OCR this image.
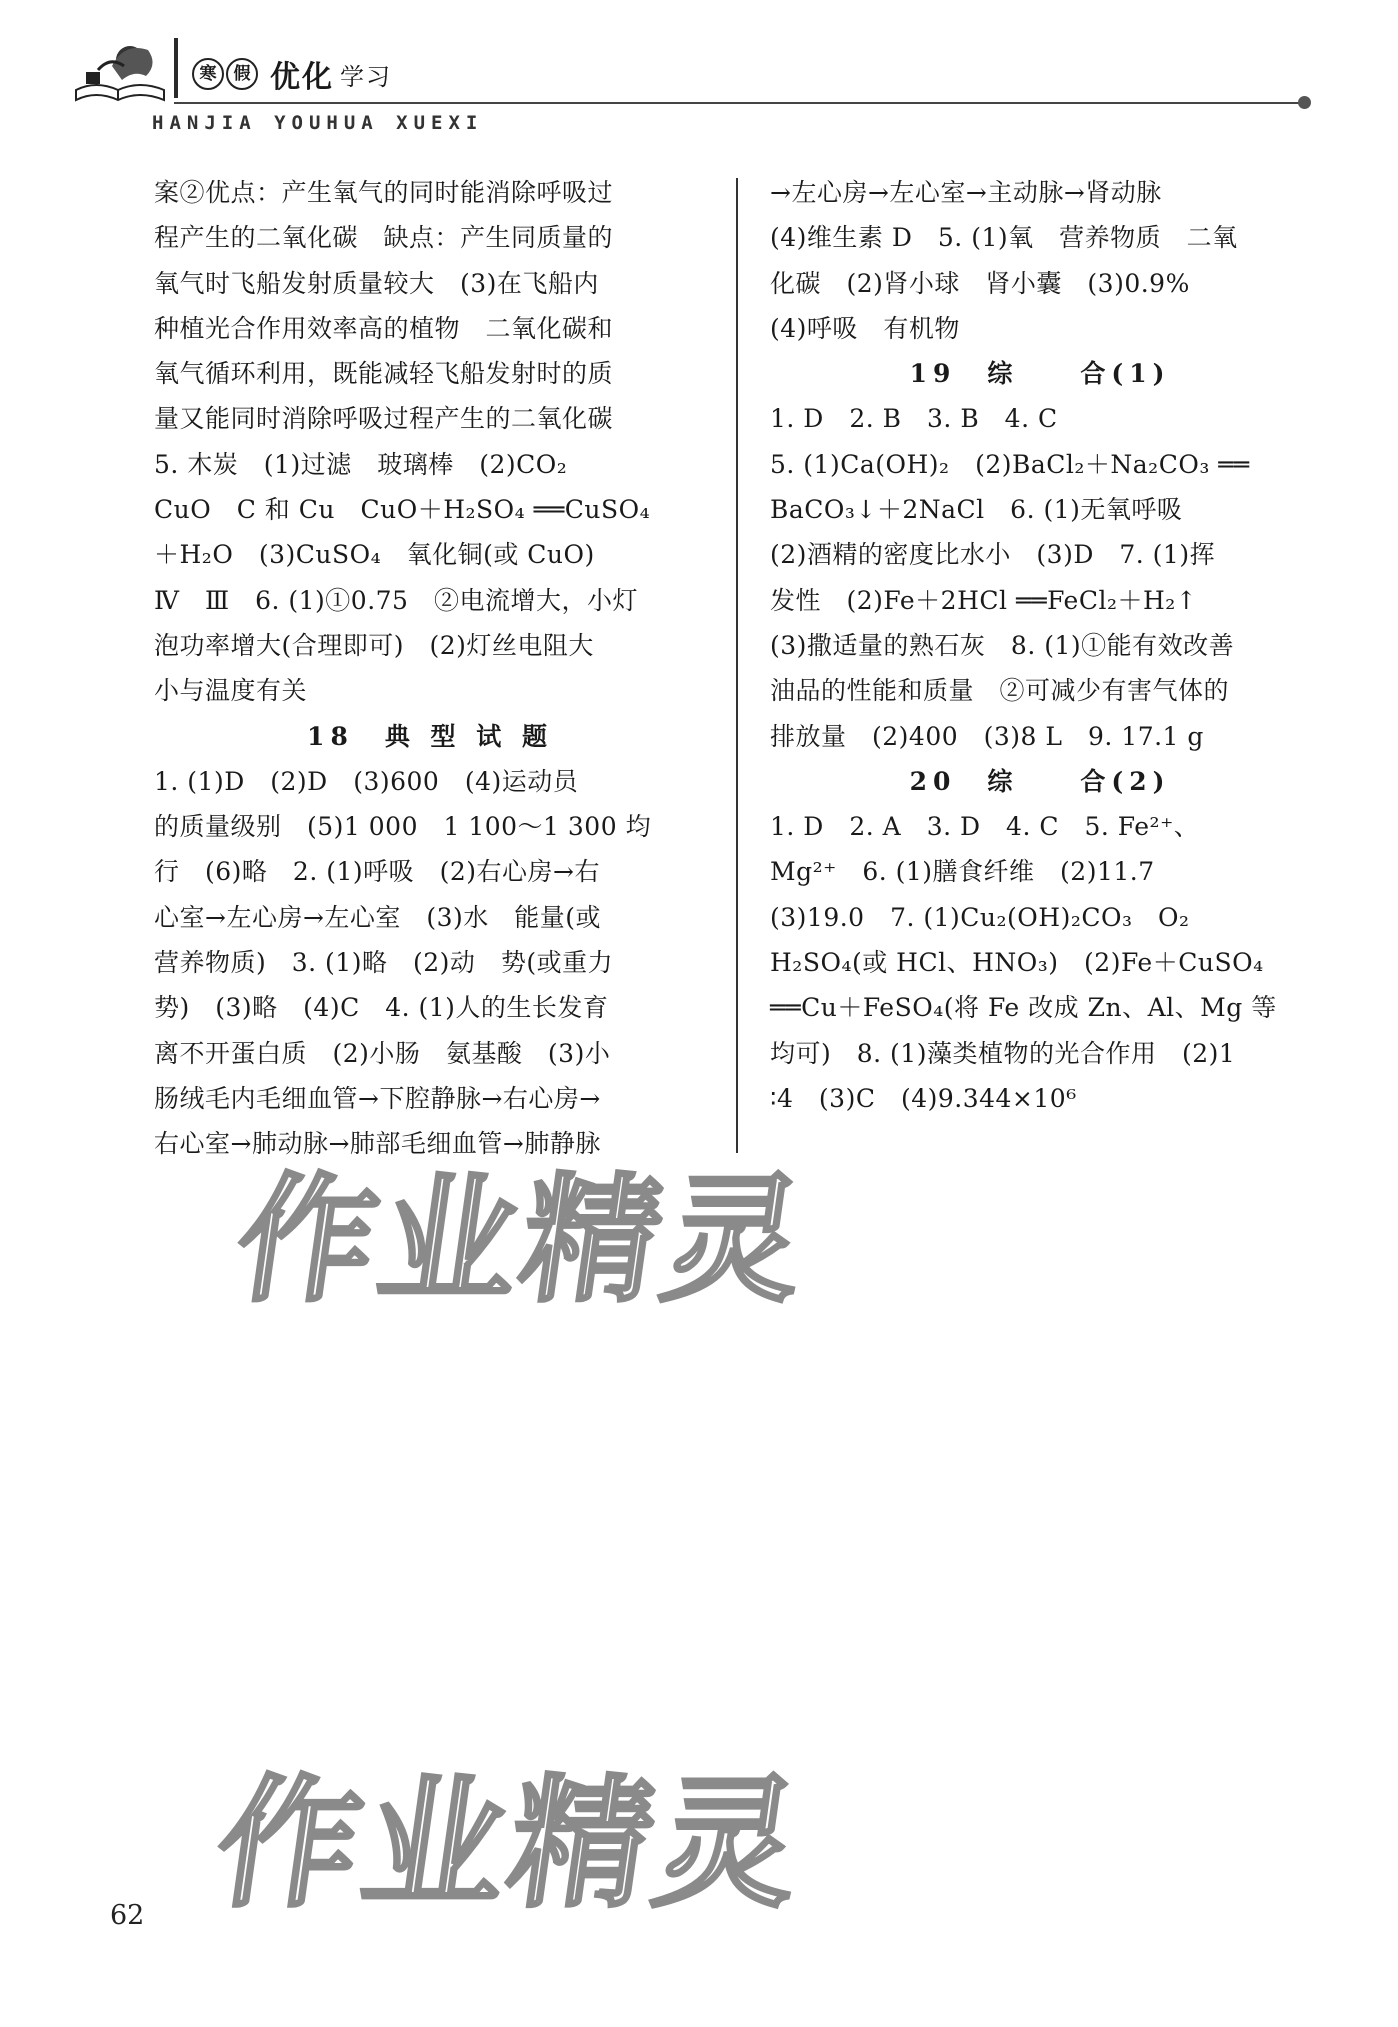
寒	假 优化 学习
HANJIA YOUHUA XUEXI

案②优点：产生氧气的同时能消除呼吸过

程产生的二氧化碳　缺点：产生同质量的

氧气时飞船发射质量较大　(3)在飞船内

种植光合作用效率高的植物　二氧化碳和

氧气循环利用，既能减轻飞船发射时的质

量又能同时消除呼吸过程产生的二氧化碳

5. 木炭　(1)过滤　玻璃棒　(2)CO₂

CuO　C 和 Cu　CuO＋H₂SO₄ ══CuSO₄

＋H₂O　(3)CuSO₄　氧化铜(或 CuO)

Ⅳ　Ⅲ　6. (1)①0.75　②电流增大，小灯

泡功率增大(合理即可)　(2)灯丝电阻大

小与温度有关

18　典 型 试 题

1. (1)D　(2)D　(3)600　(4)运动员

的质量级别　(5)1 000　1 100～1 300 均

行　(6)略　2. (1)呼吸　(2)右心房→右

心室→左心房→左心室　(3)水　能量(或

营养物质)　3. (1)略　(2)动　势(或重力

势)　(3)略　(4)C　4. (1)人的生长发育

离不开蛋白质　(2)小肠　氨基酸　(3)小

肠绒毛内毛细血管→下腔静脉→右心房→

右心室→肺动脉→肺部毛细血管→肺静脉

→左心房→左心室→主动脉→肾动脉

(4)维生素 D　5. (1)氧　营养物质　二氧

化碳　(2)肾小球　肾小囊　(3)0.9%

(4)呼吸　有机物

19　综　　合(1)

1. D　2. B　3. B　4. C

5. (1)Ca(OH)₂　(2)BaCl₂＋Na₂CO₃ ══

BaCO₃↓＋2NaCl　6. (1)无氧呼吸

(2)酒精的密度比水小　(3)D　7. (1)挥

发性　(2)Fe＋2HCl ══FeCl₂＋H₂↑

(3)撒适量的熟石灰　8. (1)①能有效改善

油品的性能和质量　②可减少有害气体的

排放量　(2)400　(3)8 L　9. 17.1 g

20　综　　合(2)

1. D　2. A　3. D　4. C　5. Fe²⁺、

Mg²⁺　6. (1)膳食纤维　(2)11.7

(3)19.0　7. (1)Cu₂(OH)₂CO₃　O₂

H₂SO₄(或 HCl、HNO₃)　(2)Fe＋CuSO₄

══Cu＋FeSO₄(将 Fe 改成 Zn、Al、Mg 等

均可)　8. (1)藻类植物的光合作用　(2)1

∶4　(3)C　(4)9.344×10⁶

作业精灵
作业精灵
62
